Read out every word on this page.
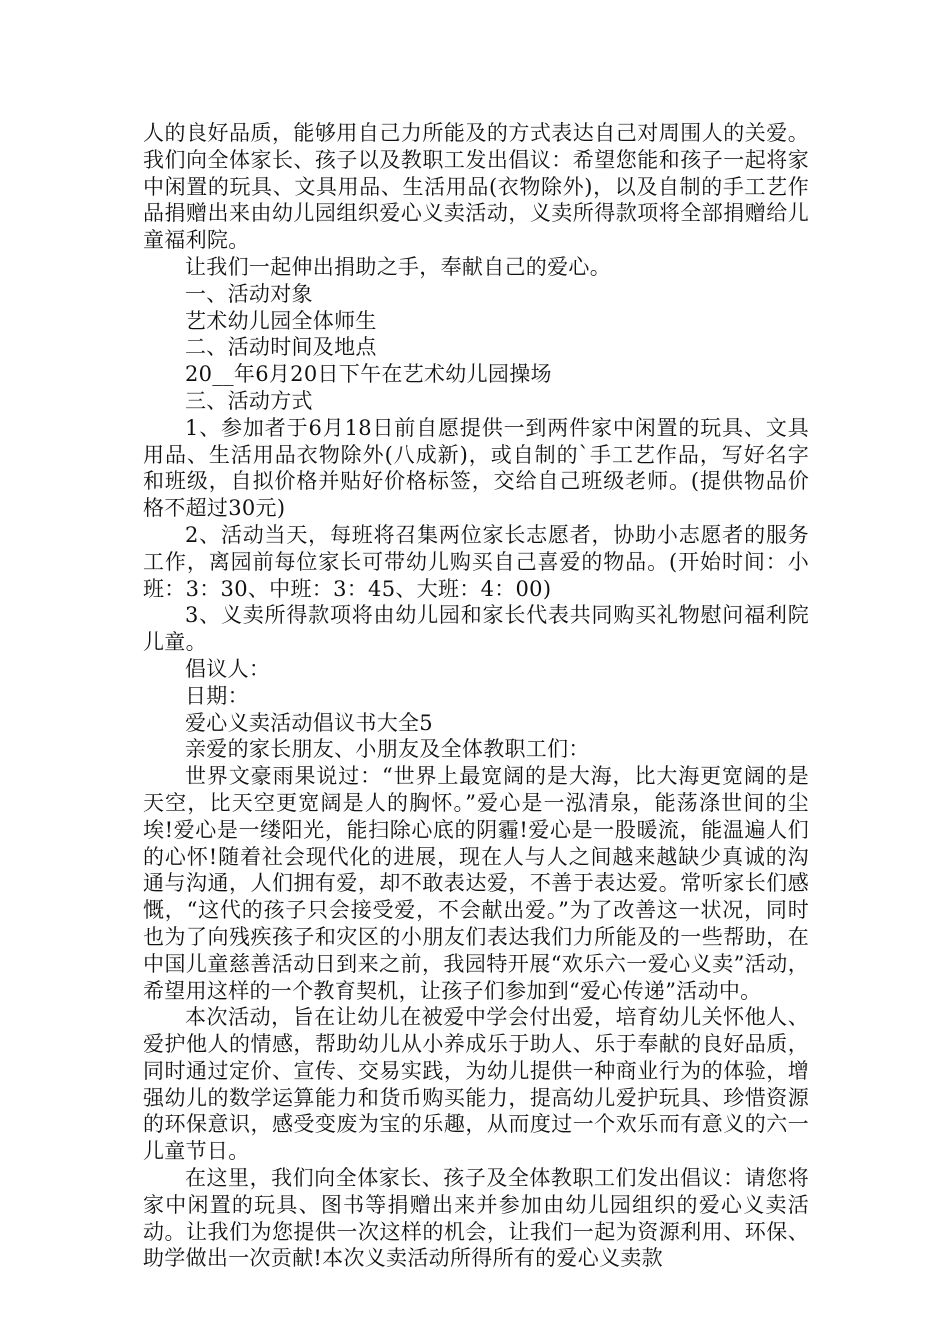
人的良好品质，能够用自己力所能及的方式表达自己对周围人的关爱。我们向全体家长、孩子以及教职工发出倡议：希望您能和孩子一起将家中闲置的玩具、文具用品、生活用品(衣物除外)，以及自制的手工艺作品捐赠出来由幼儿园组织爱心义卖活动，义卖所得款项将全部捐赠给儿童福利院。

让我们一起伸出捐助之手，奉献自己的爱心。

一、活动对象

艺术幼儿园全体师生

二、活动时间及地点

20__年6月20日下午在艺术幼儿园操场

三、活动方式

1、参加者于6月18日前自愿提供一到两件家中闲置的玩具、文具用品、生活用品衣物除外(八成新)，或自制的`手工艺作品，写好名字和班级，自拟价格并贴好价格标签，交给自己班级老师。(提供物品价格不超过30元)

2、活动当天，每班将召集两位家长志愿者，协助小志愿者的服务工作，离园前每位家长可带幼儿购买自己喜爱的物品。(开始时间：小班：3：30、中班：3：45、大班：4：00)

3、义卖所得款项将由幼儿园和家长代表共同购买礼物慰问福利院儿童。

倡议人：

日期：

爱心义卖活动倡议书大全5

亲爱的家长朋友、小朋友及全体教职工们：

世界文豪雨果说过：“世界上最宽阔的是大海，比大海更宽阔的是天空，比天空更宽阔是人的胸怀。”爱心是一泓清泉，能荡涤世间的尘埃!爱心是一缕阳光，能扫除心底的阴霾!爱心是一股暖流，能温遍人们的心怀!随着社会现代化的进展，现在人与人之间越来越缺少真诚的沟通与沟通，人们拥有爱，却不敢表达爱，不善于表达爱。常听家长们感慨，“这代的孩子只会接受爱，不会献出爱。”为了改善这一状况，同时也为了向残疾孩子和灾区的小朋友们表达我们力所能及的一些帮助，在中国儿童慈善活动日到来之前，我园特开展“欢乐六一爱心义卖”活动，希望用这样的一个教育契机，让孩子们参加到“爱心传递”活动中。

本次活动，旨在让幼儿在被爱中学会付出爱，培育幼儿关怀他人、爱护他人的情感，帮助幼儿从小养成乐于助人、乐于奉献的良好品质，同时通过定价、宣传、交易实践，为幼儿提供一种商业行为的体验，增强幼儿的数学运算能力和货币购买能力，提高幼儿爱护玩具、珍惜资源的环保意识，感受变废为宝的乐趣，从而度过一个欢乐而有意义的六一儿童节日。

在这里，我们向全体家长、孩子及全体教职工们发出倡议：请您将家中闲置的玩具、图书等捐赠出来并参加由幼儿园组织的爱心义卖活动。让我们为您提供一次这样的机会，让我们一起为资源利用、环保、助学做出一次贡献!本次义卖活动所得所有的爱心义卖款
